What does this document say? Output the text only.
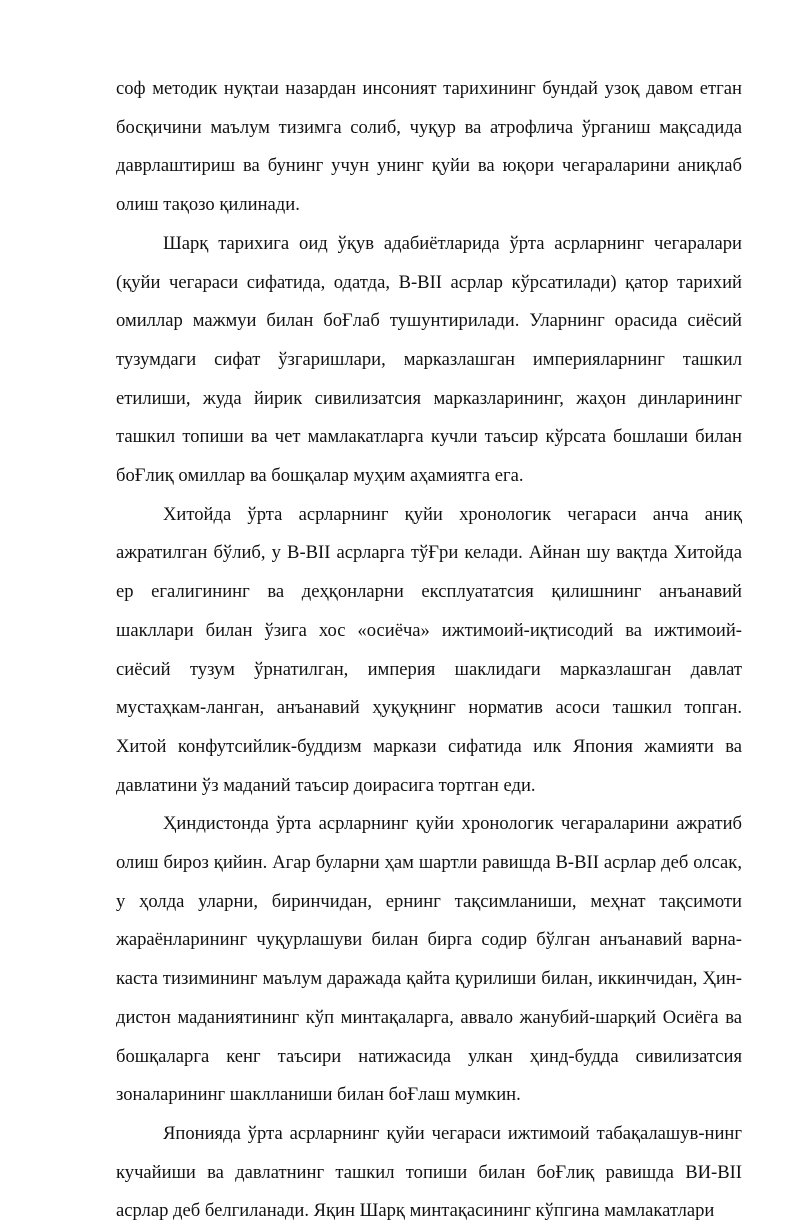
соф методик нуқтаи назардан инсоният тарихининг бундай узоқ давом етган босқичини маълум тизимга солиб, чуқур ва атрофлича ўрганиш мақсадида даврлаштириш ва бунинг учун унинг қуйи ва юқори чегараларини аниқлаб олиш тақозо қилинади.

Шарқ тарихига оид ўқув адабиётларида ўрта асрларнинг чегаралари (қуйи чегараси сифатида, одатда, В-ВII асрлар кўрсатилади) қатор тарихий омиллар мажмуи билан боҒлаб тушунтирилади. Уларнинг орасида сиёсий тузумдаги сифат ўзгаришлари, марказлашган империяларнинг ташкил етилиши, жуда йирик сивилизатсия марказларининг, жаҳон динларининг ташкил топиши ва чет мамлакатларга кучли таъсир кўрсата бошлаши билан боҒлиқ омиллар ва бошқалар муҳим аҳамиятга ега.

Хитойда ўрта асрларнинг қуйи хронологик чегараси анча аниқ ажратилган бўлиб, у В-ВII асрларга тўҒри келади. Айнан шу вақтда Хитойда ер егалигининг ва деҳқонларни експлуататсия қилишнинг анъанавий шакллари билан ўзига хос «осиёча» ижтимоий-иқтисодий ва ижтимоий-сиёсий тузум ўрнатилган, империя шаклидаги марказлашган давлат мустаҳкам-ланган, анъанавий ҳуқуқнинг норматив асоси ташкил топган. Хитой конфутсийлик-буддизм маркази сифатида илк Япония жамияти ва давлатини ўз маданий таъсир доирасига тортган еди.

Ҳиндистонда ўрта асрларнинг қуйи хронологик чегараларини ажратиб олиш бироз қийин. Агар буларни ҳам шартли равишда В-ВII асрлар деб олсак, у ҳолда уларни, биринчидан, ернинг тақсимланиши, меҳнат тақсимоти жараёнларининг чуқурлашуви билан бирга содир бўлган анъанавий варна-каста тизимининг маълум даражада қайта қурилиши билан, иккинчидан, Ҳин-дистон маданиятининг кўп минтақаларга, аввало жанубий-шарқий Осиёга ва бошқаларга кенг таъсири натижасида улкан ҳинд-будда сивилизатсия зоналарининг шаклланиши билан боҒлаш мумкин.

Японияда ўрта асрларнинг қуйи чегараси ижтимоий табақалашув-нинг кучайиши ва давлатнинг ташкил топиши билан боҒлиқ равишда ВИ-ВII асрлар деб белгиланади. Яқин Шарқ минтақасининг кўпгина мамлакатлари
